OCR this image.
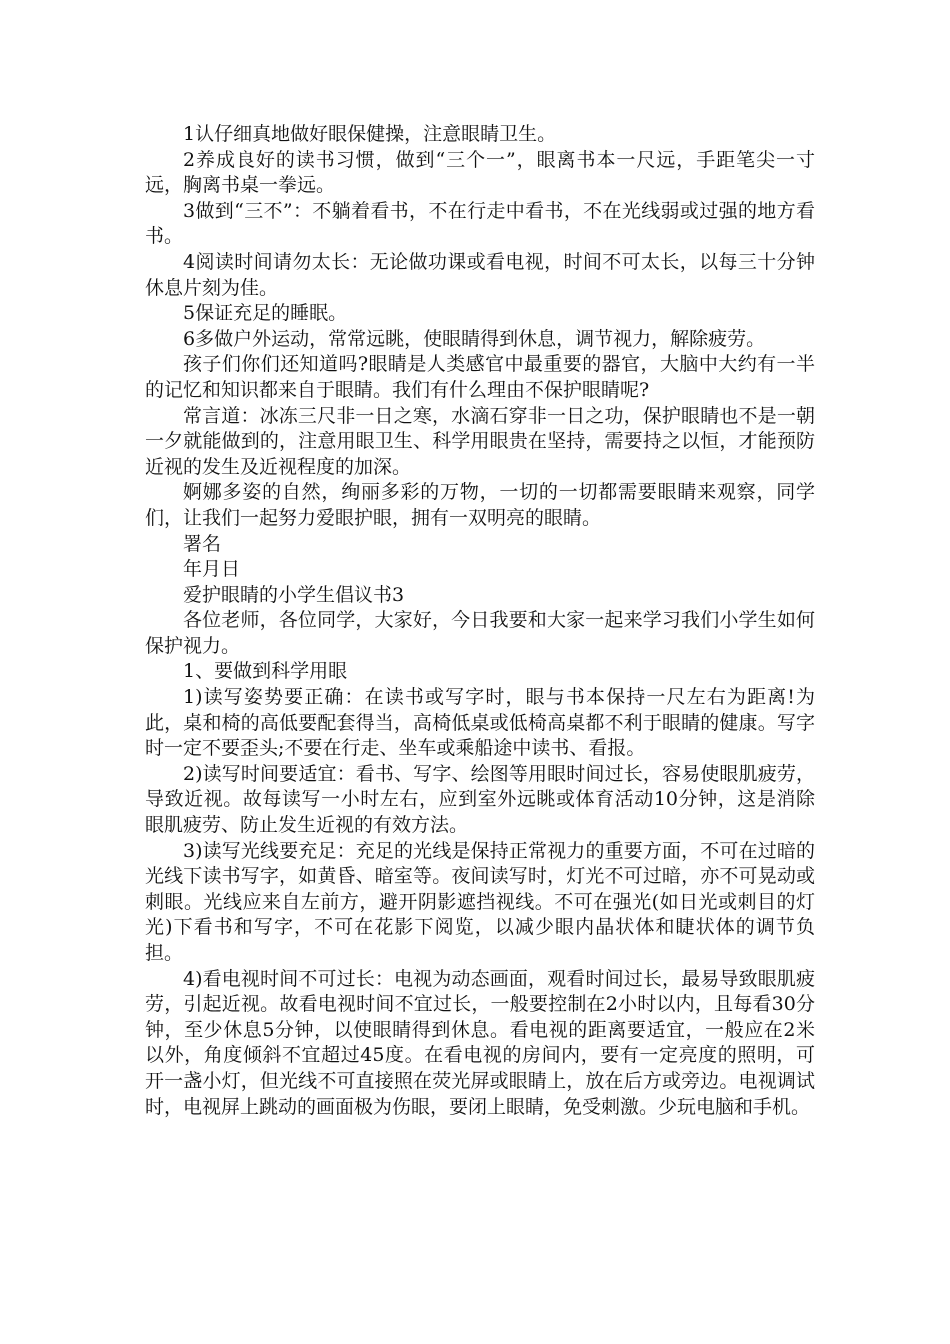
1认仔细真地做好眼保健操，注意眼睛卫生。

2养成良好的读书习惯，做到“三个一”，眼离书本一尺远，手距笔尖一寸远，胸离书桌一拳远。

3做到“三不”：不躺着看书，不在行走中看书，不在光线弱或过强的地方看书。

4阅读时间请勿太长：无论做功课或看电视，时间不可太长，以每三十分钟休息片刻为佳。

5保证充足的睡眠。

6多做户外运动，常常远眺，使眼睛得到休息，调节视力，解除疲劳。

孩子们你们还知道吗?眼睛是人类感官中最重要的器官，大脑中大约有一半的记忆和知识都来自于眼睛。我们有什么理由不保护眼睛呢?

常言道：冰冻三尺非一日之寒，水滴石穿非一日之功，保护眼睛也不是一朝一夕就能做到的，注意用眼卫生、科学用眼贵在坚持，需要持之以恒，才能预防近视的发生及近视程度的加深。

婀娜多姿的自然，绚丽多彩的万物，一切的一切都需要眼睛来观察，同学们，让我们一起努力爱眼护眼，拥有一双明亮的眼睛。

署名

年月日

爱护眼睛的小学生倡议书3

各位老师，各位同学，大家好，今日我要和大家一起来学习我们小学生如何保护视力。

1、要做到科学用眼

1)读写姿势要正确：在读书或写字时，眼与书本保持一尺左右为距离!为此，桌和椅的高低要配套得当，高椅低桌或低椅高桌都不利于眼睛的健康。写字时一定不要歪头;不要在行走、坐车或乘船途中读书、看报。

2)读写时间要适宜：看书、写字、绘图等用眼时间过长，容易使眼肌疲劳，导致近视。故每读写一小时左右，应到室外远眺或体育活动10分钟，这是消除眼肌疲劳、防止发生近视的有效方法。

3)读写光线要充足：充足的光线是保持正常视力的重要方面，不可在过暗的光线下读书写字，如黄昏、暗室等。夜间读写时，灯光不可过暗，亦不可晃动或刺眼。光线应来自左前方，避开阴影遮挡视线。不可在强光(如日光或刺目的灯光)下看书和写字，不可在花影下阅览，以减少眼内晶状体和睫状体的调节负担。

4)看电视时间不可过长：电视为动态画面，观看时间过长，最易导致眼肌疲劳，引起近视。故看电视时间不宜过长，一般要控制在2小时以内，且每看30分钟，至少休息5分钟，以使眼睛得到休息。看电视的距离要适宜，一般应在2米以外，角度倾斜不宜超过45度。在看电视的房间内，要有一定亮度的照明，可开一盏小灯，但光线不可直接照在荧光屏或眼睛上，放在后方或旁边。电视调试时，电视屏上跳动的画面极为伤眼，要闭上眼睛，免受刺激。少玩电脑和手机。
